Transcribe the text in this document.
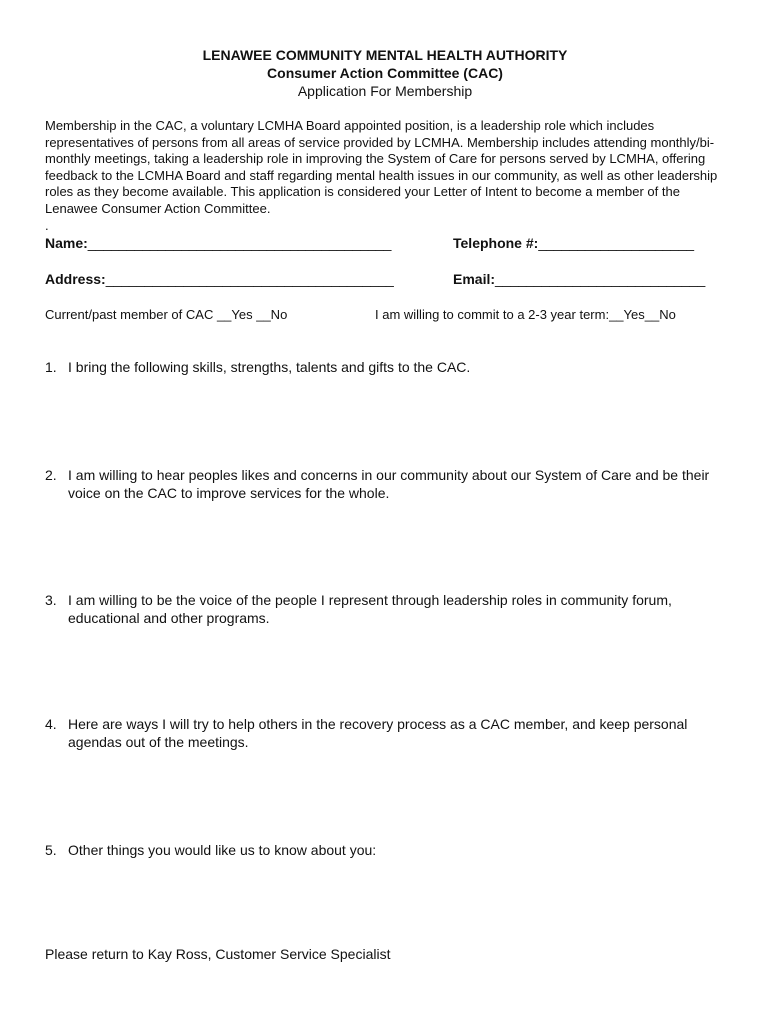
LENAWEE COMMUNITY MENTAL HEALTH AUTHORITY
Consumer Action Committee (CAC)
Application For Membership
Membership in the CAC, a voluntary LCMHA Board appointed position, is a leadership role which includes representatives of persons from all areas of service provided by LCMHA. Membership includes attending monthly/bi-monthly meetings, taking a leadership role in improving the System of Care for persons served by LCMHA, offering feedback to the LCMHA Board and staff regarding mental health issues in our community, as well as other leadership roles as they become available. This application is considered your Letter of Intent to become a member of the Lenawee Consumer Action Committee.
.
Name:_______________________________________	Telephone #:____________________
Address:_____________________________________	Email:___________________________
Current/past member of CAC __Yes __No	I am willing to commit to a 2-3 year term:__Yes__No
1. I bring the following skills, strengths, talents and gifts to the CAC.
2. I am willing to hear peoples likes and concerns in our community about our System of Care and be their voice on the CAC to improve services for the whole.
3. I am willing to be the voice of the people I represent through leadership roles in community forum, educational and other programs.
4. Here are ways I will try to help others in the recovery process as a CAC member, and keep personal agendas out of the meetings.
5. Other things you would like us to know about you:
Please return to Kay Ross, Customer Service Specialist
